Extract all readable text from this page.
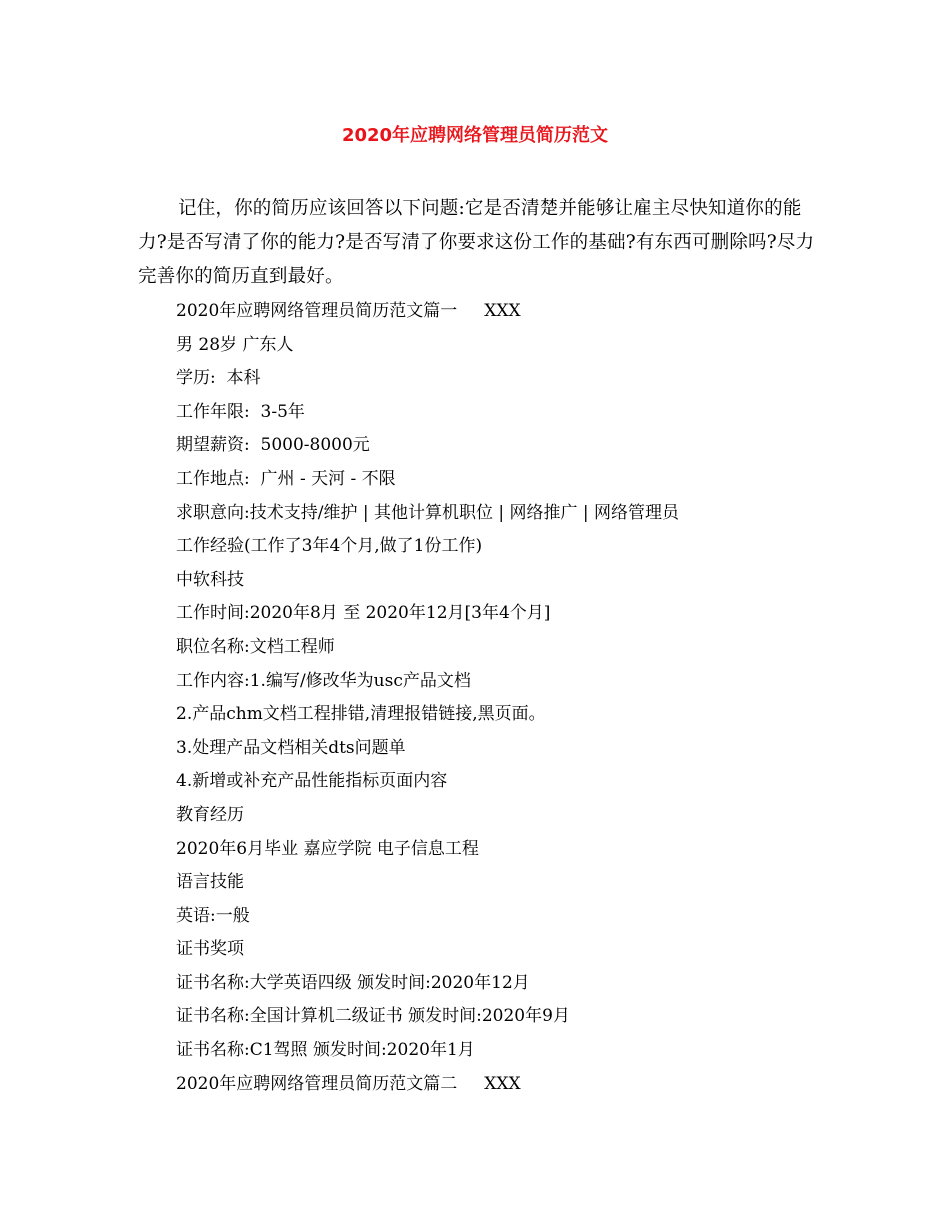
2020年应聘网络管理员简历范文
记住，你的简历应该回答以下问题:它是否清楚并能够让雇主尽快知道你的能力?是否写清了你的能力?是否写清了你要求这份工作的基础?有东西可删除吗?尽力完善你的简历直到最好。
2020年应聘网络管理员简历范文篇一     XXX
男 28岁 广东人
学历:  本科
工作年限:  3-5年
期望薪资:  5000-8000元
工作地点:  广州 - 天河 - 不限
求职意向:技术支持/维护 | 其他计算机职位 | 网络推广 | 网络管理员
工作经验(工作了3年4个月,做了1份工作)
中软科技
工作时间:2020年8月 至 2020年12月[3年4个月]
职位名称:文档工程师
工作内容:1.编写/修改华为usc产品文档
2.产品chm文档工程排错,清理报错链接,黑页面。
3.处理产品文档相关dts问题单
4.新增或补充产品性能指标页面内容
教育经历
2020年6月毕业 嘉应学院 电子信息工程
语言技能
英语:一般
证书奖项
证书名称:大学英语四级 颁发时间:2020年12月
证书名称:全国计算机二级证书 颁发时间:2020年9月
证书名称:C1驾照 颁发时间:2020年1月
2020年应聘网络管理员简历范文篇二     XXX
